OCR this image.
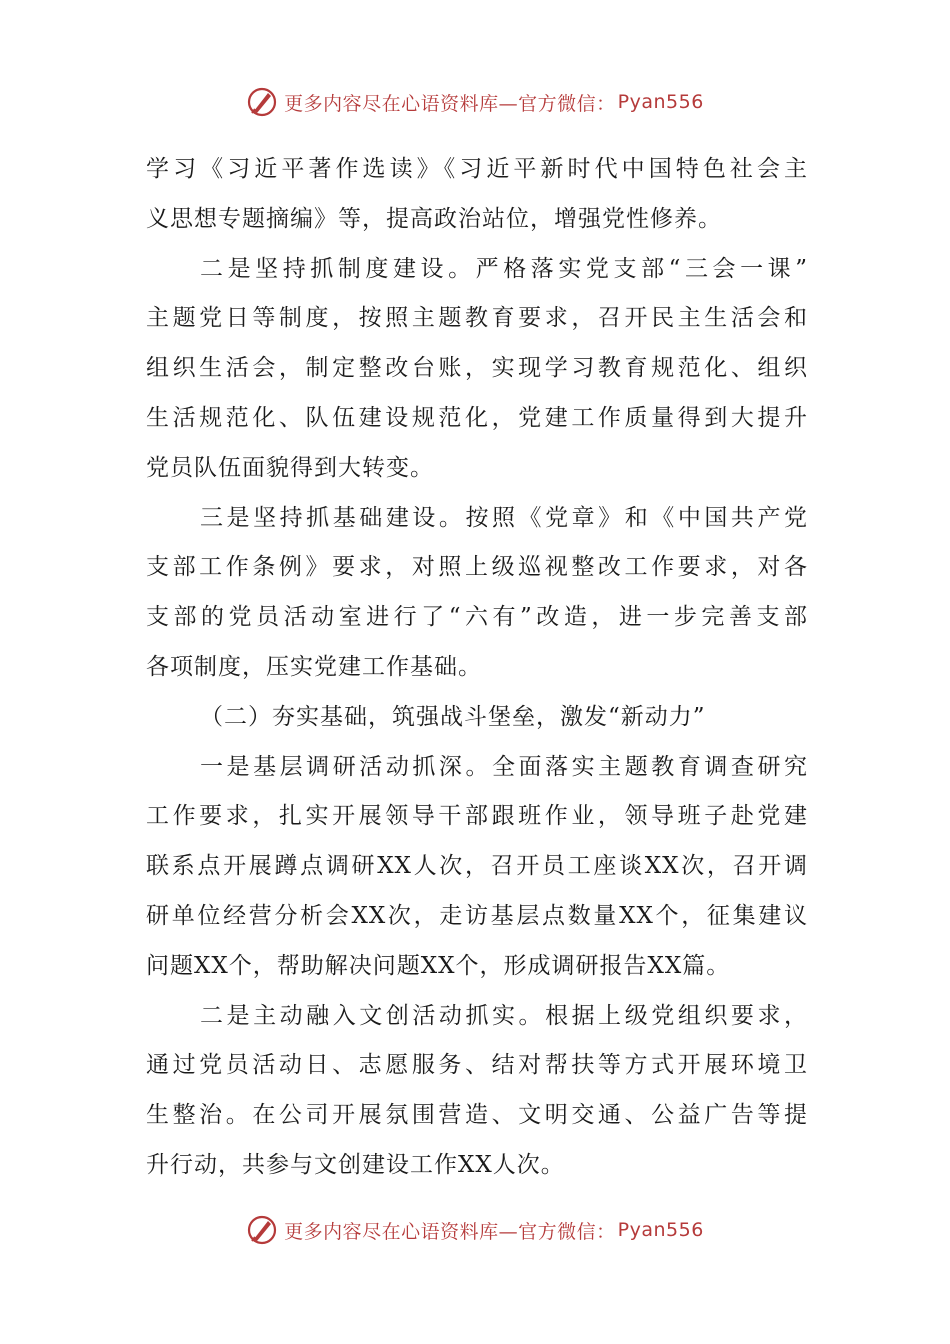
更多内容尽在心语资料库—官方微信： Pyan556
学习《习近平著作选读》《习近平新时代中国特色社会主
义思想专题摘编》等，提高政治站位，增强党性修养。
二是坚持抓制度建设。严格落实党支部“三会一课”
主题党日等制度，按照主题教育要求，召开民主生活会和
组织生活会，制定整改台账，实现学习教育规范化、组织
生活规范化、队伍建设规范化，党建工作质量得到大提升
党员队伍面貌得到大转变。
三是坚持抓基础建设。按照《党章》和《中国共产党
支部工作条例》要求，对照上级巡视整改工作要求，对各
支部的党员活动室进行了“六有”改造，进一步完善支部
各项制度，压实党建工作基础。
（二）夯实基础，筑强战斗堡垒，激发“新动力”
一是基层调研活动抓深。全面落实主题教育调查研究
工作要求，扎实开展领导干部跟班作业，领导班子赴党建
联系点开展蹲点调研XX人次，召开员工座谈XX次，召开调
研单位经营分析会XX次，走访基层点数量XX个，征集建议
问题XX个，帮助解决问题XX个，形成调研报告XX篇。
二是主动融入文创活动抓实。根据上级党组织要求，
通过党员活动日、志愿服务、结对帮扶等方式开展环境卫
生整治。在公司开展氛围营造、文明交通、公益广告等提
升行动，共参与文创建设工作XX人次。
更多内容尽在心语资料库—官方微信： Pyan556
